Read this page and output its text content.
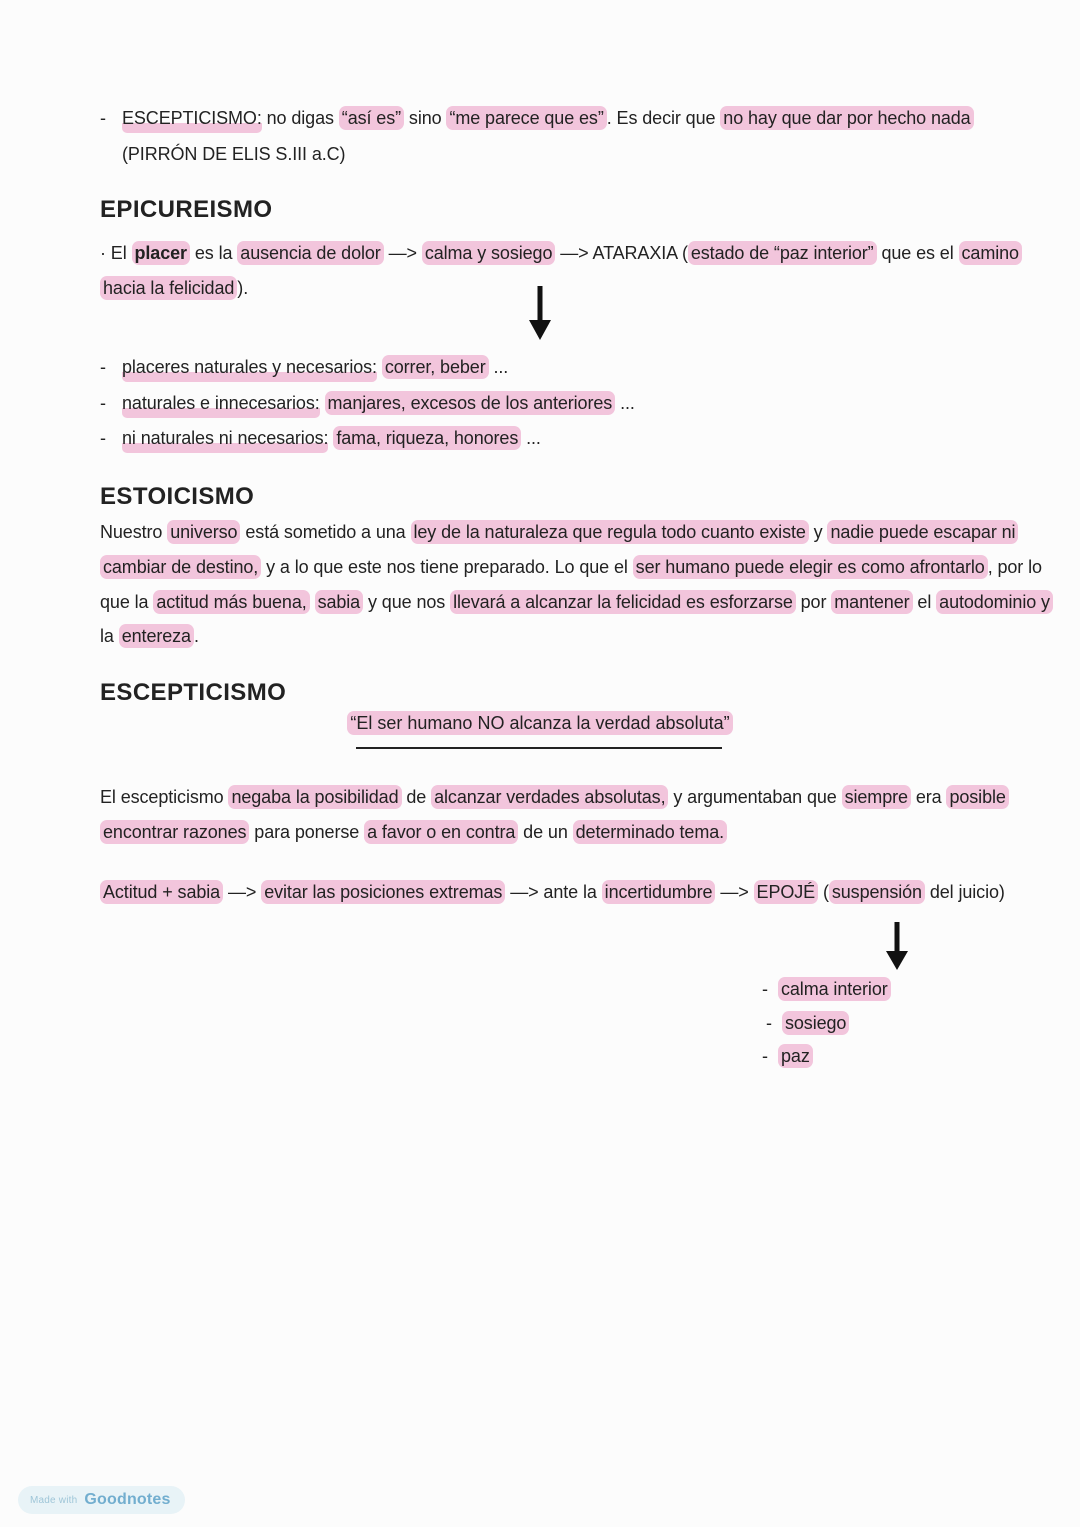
- ESCEPTICISMO: no digas “así es” sino “me parece que es” . Es decir que no hay que dar por hecho nada
(PIRRÓN DE ELIS S.III a.C)
EPICUREISMO
· El placer es la ausencia de dolor —> calma y sosiego —> ATARAXIA ( estado de “paz interior” que es el camino
hacia la felicidad ).
- placeres naturales y necesarios: correr, beber ...
- naturales e innecesarios: manjares, excesos de los anteriores ...
- ni naturales ni necesarios: fama, riqueza, honores ...
ESTOICISMO
Nuestro universo está sometido a una ley de la naturaleza que regula todo cuanto existe y nadie puede escapar ni
cambiar de destino, y a lo que este nos tiene preparado. Lo que el ser humano puede elegir es como afrontarlo , por lo
que la actitud más buena, sabia y que nos llevará a alcanzar la felicidad es esforzarse por mantener el autodominio y
la entereza .
ESCEPTICISMO
“El ser humano NO alcanza la verdad absoluta”
El escepticismo negaba la posibilidad de alcanzar verdades absolutas, y argumentaban que siempre era posible
encontrar razones para ponerse a favor o en contra de un determinado tema.
Actitud + sabia —> evitar las posiciones extremas —> ante la incertidumbre —> EPOJÉ ( suspensión del juicio)
- calma interior
- sosiego
- paz
Made with Goodnotes
